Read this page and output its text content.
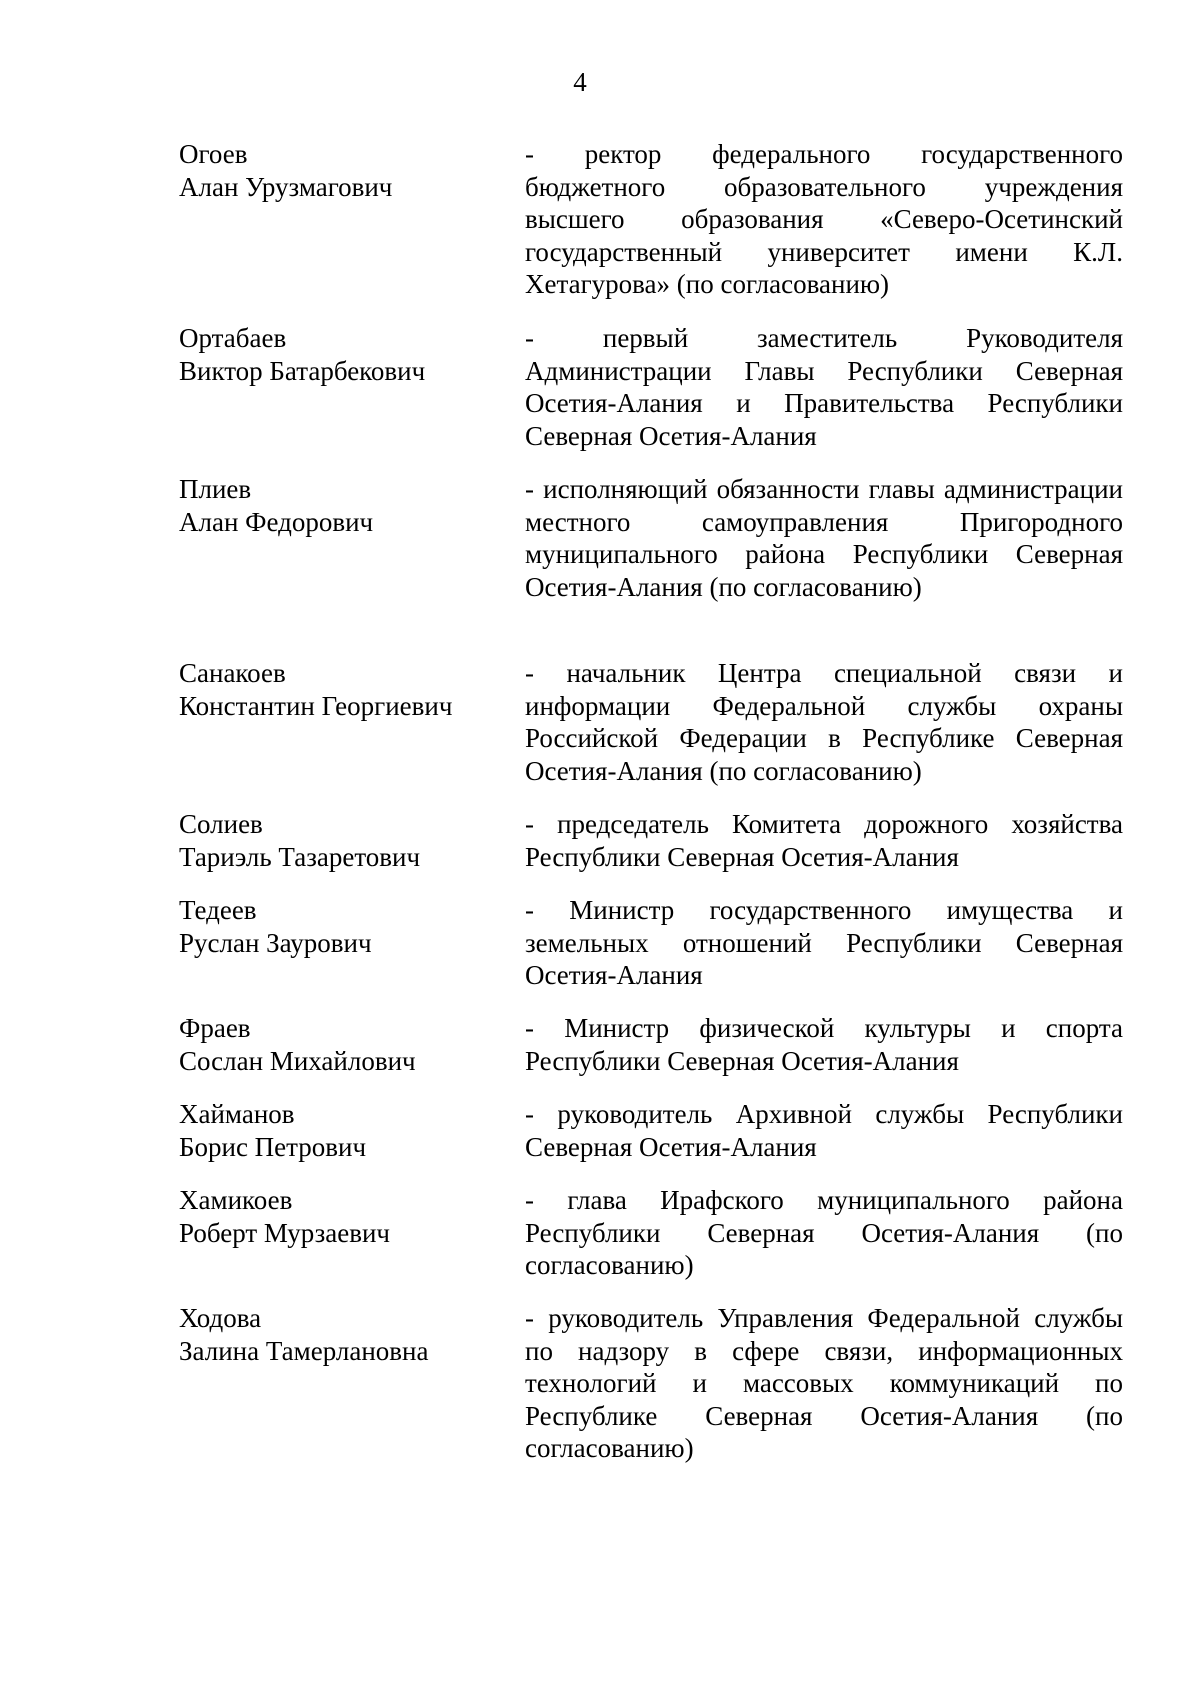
4
Огоев
Алан Урузмагович
- ректор федерального государственного бюджетного образовательного учреждения высшего образования «Северо-Осетинский государственный университет имени К.Л. Хетагурова» (по согласованию)
Ортабаев
Виктор Батарбекович
- первый заместитель Руководителя Администрации Главы Республики Северная Осетия-Алания и Правительства Республики Северная Осетия-Алания
Плиев
Алан Федорович
- исполняющий обязанности главы администрации местного самоуправления Пригородного муниципального района Республики Северная Осетия-Алания (по согласованию)
Санакоев
Константин Георгиевич
- начальник Центра специальной связи и информации Федеральной службы охраны Российской Федерации в Республике Северная Осетия-Алания (по согласованию)
Солиев
Тариэль Тазаретович
- председатель Комитета дорожного хозяйства Республики Северная Осетия-Алания
Тедеев
Руслан Заурович
- Министр государственного имущества и земельных отношений Республики Северная Осетия-Алания
Фраев
Сослан Михайлович
- Министр физической культуры и спорта Республики Северная Осетия-Алания
Хайманов
Борис Петрович
- руководитель Архивной службы Республики Северная Осетия-Алания
Хамикоев
Роберт Мурзаевич
- глава Ирафского муниципального района Республики Северная Осетия-Алания (по согласованию)
Ходова
Залина Тамерлановна
- руководитель Управления Федеральной службы по надзору в сфере связи, информационных технологий и массовых коммуникаций по Республике Северная Осетия-Алания (по согласованию)
